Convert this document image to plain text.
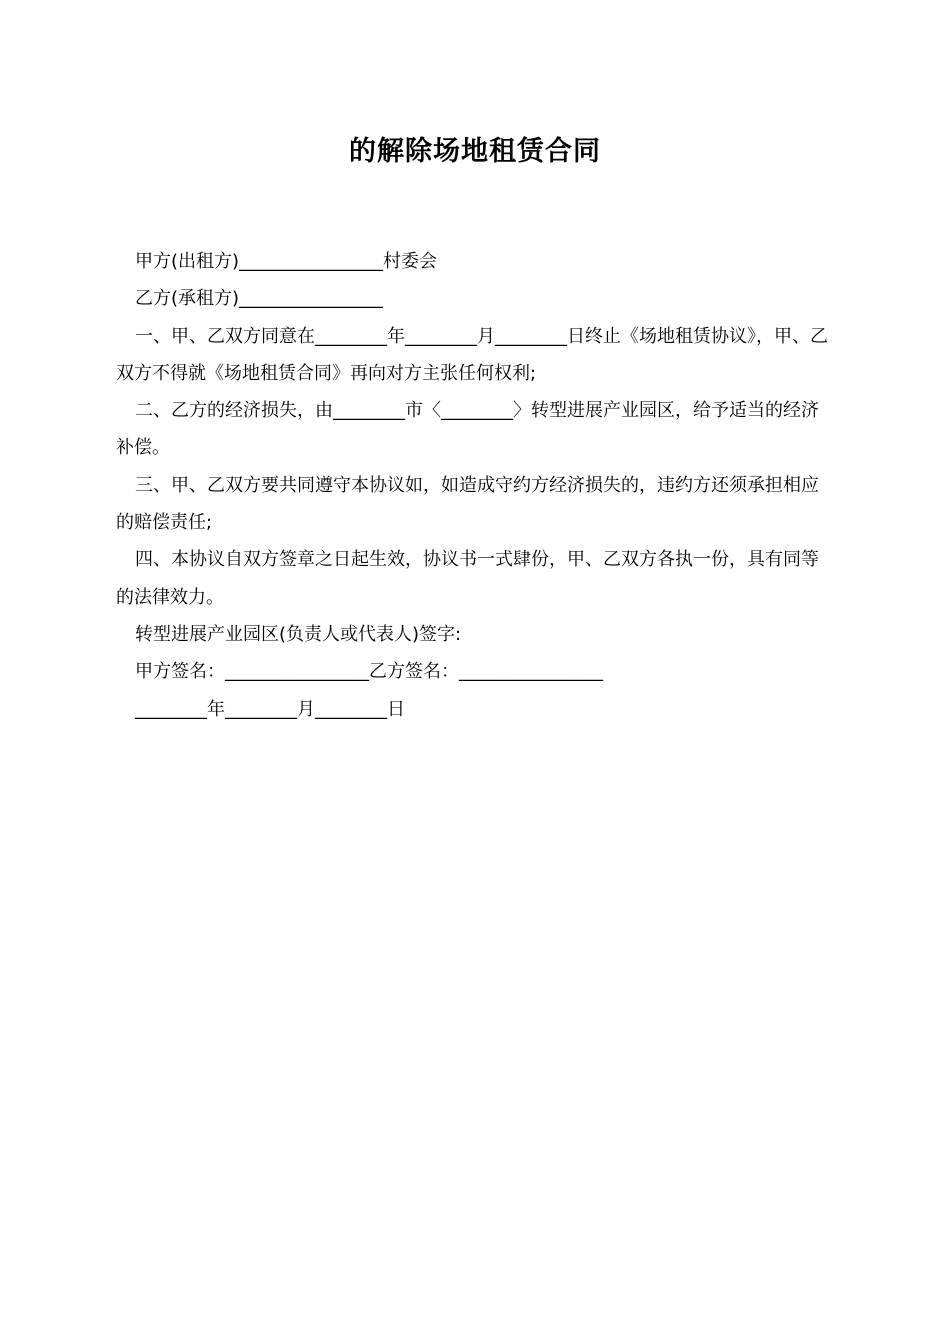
的解除场地租赁合同

甲方(出租方)________________村委会

乙方(承租方)________________

一、甲、乙双方同意在________年________月________日终止《场地租赁协议》，甲、乙双方不得就《场地租赁合同》再向对方主张任何权利;

二、乙方的经济损失，由________市〈________〉转型进展产业园区，给予适当的经济补偿。

三、甲、乙双方要共同遵守本协议如，如造成守约方经济损失的，违约方还须承担相应的赔偿责任;

四、本协议自双方签章之日起生效，协议书一式肆份，甲、乙双方各执一份，具有同等的法律效力。

转型进展产业园区(负责人或代表人)签字:

甲方签名：________________乙方签名：________________

________年________月________日
